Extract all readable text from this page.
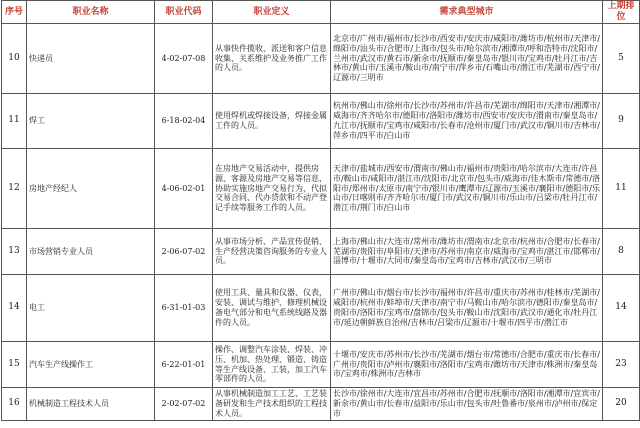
序号	职业名称	职业代码	职业定义	需求典型城市	上期排位
10	快递员	4-02-07-08	从事快件揽收、派送和客户信息收集、关系维护及业务推广工作的人员。	北京市/广州市/福州市/长沙市/西安市/安庆市/咸阳市/潍坊市/杭州市/天津市/绵阳市/汕头市/合肥市/上海市/包头市/哈尔滨市/湘潭市/呼和浩特市/沈阳市/兰州市/武汉市/黄石市/新余市/抚顺市/秦皇岛市/银川市/宝鸡市/牡丹江市/吉林市/黄山市/玉溪市/鞍山市/南宁市/萍乡市/石嘴山市/潜江市/芜湖市/西宁市/辽源市/三明市	5
11	焊工	6-18-02-04	使用焊机或焊接设备，焊接金属工件的人员。	杭州市/佛山市/徐州市/长沙市/苏州市/许昌市/芜湖市/绵阳市/天津市/湘潭市/威海市/齐齐哈尔市/德阳市/洛阳市/潍坊市/西安市/安庆市/渭南市/秦皇岛市/九江市/抚顺市/宝鸡市/咸阳市/长春市/沧州市/厦门市/武汉市/铜川市/吉林市/萍乡市/四平市/白山市	9
12	房地产经纪人	4-06-02-01	在房地产交易活动中，提供房源、客源及房地产交易等信息，协助实施房地产交易行为，代拟交易合同、代办贷款和不动产登记手续等服务工作的人员。	天津市/盐城市/西安市/渭南市/佛山市/福州市/贵阳市/哈尔滨市/大连市/许昌市/鞍山市/咸阳市/湛江市/沈阳市/北京市/包头市/威海市/佳木斯市/常德市/洛阳市/郑州市/太原市/南宁市/银川市/鹰潭市/辽源市/玉溪市/襄阳市/德阳市/乐山市/日喀则市/齐齐哈尔市/厦门市/武汉市/铜川市/乐山市/吕梁市/牡丹江市/潜江市/荆门市/白山市	11
13	市场营销专业人员	2-06-07-02	从事市场分析、产品宣传促销、生产经营决策咨询服务的专业人员。	上海市/佛山市/大连市/常州市/潍坊市/渭南市/北京市/杭州市/合肥市/长春市/芜湖市/贵阳市/阜阳市/天津市/苏州市/南京市/威海市/宝鸡市/湛江市/邯郸市/淄博市/十堰市/大同市/秦皇岛市/宝鸡市/吉林市/武汉市/三明市	8
14	电工	6-31-01-03	使用工具、量具和仪器、仪表，安装、调试与维护、修理机械设备电气部分和电气系统线路及器件的人员。	广州市/佛山市/烟台市/长沙市/福州市/许昌市/重庆市/苏州市/桂林市/芜湖市/咸阳市/杭州市/蚌埠市/天津市/南宁市/马鞍山市/哈尔滨市/德阳市/秦皇岛市/贵阳市/洛阳市/宝鸡市/盘锦市/包头市/鞍山市/沈阳市/武汉市/通化市/牡丹江市/延边朝鲜族自治州/吉林市/吕梁市/辽源市/十堰市/四平市/潜江市	14
15	汽车生产线操作工	6-22-01-01	操作、调整汽车涂装、焊装、冲压、机加、热处理、锻造、铸造等生产线设备、工装，加工汽车零部件的人员。	十堰市/安庆市/苏州市/长沙市/芜湖市/烟台市/常德市/合肥市/重庆市/长春市/广州市/贵阳市/泸州市/襄阳市/洛阳市/宝鸡市/潍坊市/天津市/株洲市/秦皇岛市/宝鸡市/株洲市/吉林市	23
16	机械制造工程技术人员	2-02-07-02	从事机械制造加工工艺、工艺装备研发和生产技术组织的工程技术人员。	长沙市/徐州市/大连市/宜昌市/苏州市/合肥市/抚顺市/洛阳市/湘潭市/宜宾市/新余市/黄山市/长春市/益阳市/乐山市/包头市/吐鲁番市/泉州市/泸州市/保定市	20
